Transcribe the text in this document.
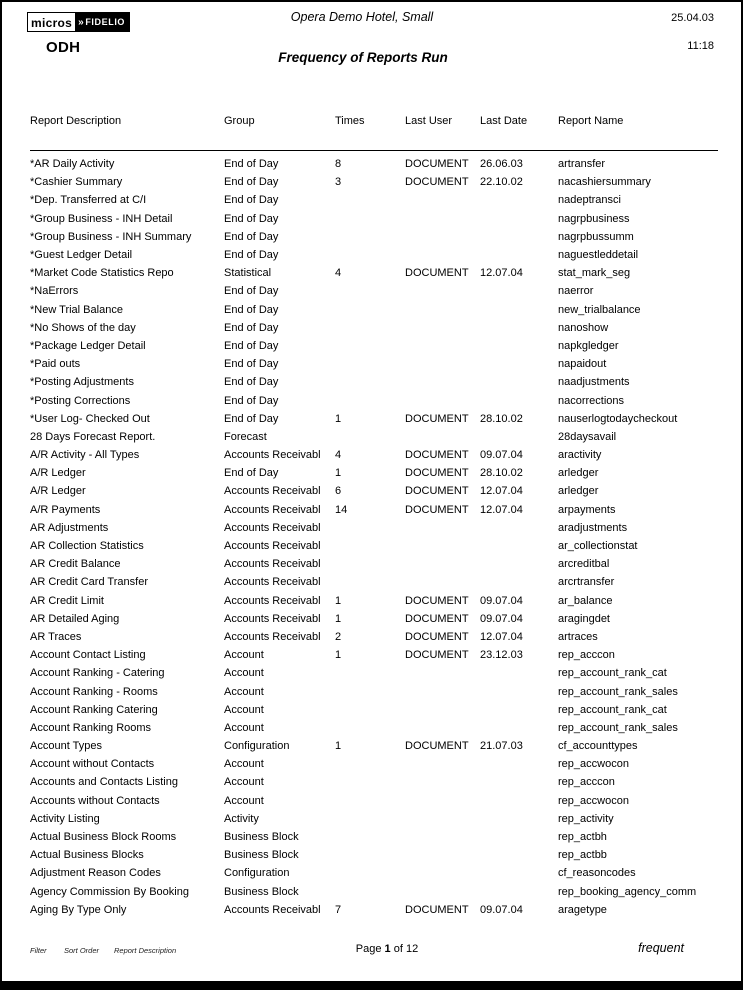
micros » FIDELIO
ODH
Opera Demo Hotel, Small
Frequency of Reports Run
25.04.03
11:18
Report Description	Group	Times	Last User	Last Date	Report Name
*AR Daily Activity	End of Day	8	DOCUMENT	26.06.03	artransfer
*Cashier Summary	End of Day	3	DOCUMENT	22.10.02	nacashiersummary
*Dep. Transferred at C/I	End of Day				nadeptransci
*Group Business - INH Detail	End of Day				nagrpbusiness
*Group Business - INH Summary	End of Day				nagrpbussumm
*Guest Ledger Detail	End of Day				naguestleddetail
*Market Code Statistics Repo	Statistical	4	DOCUMENT	12.07.04	stat_mark_seg
*NaErrors	End of Day				naerror
*New Trial Balance	End of Day				new_trialbalance
*No Shows of the day	End of Day				nanoshow
*Package Ledger Detail	End of Day				napkgledger
*Paid outs	End of Day				napaidout
*Posting Adjustments	End of Day				naadjustments
*Posting Corrections	End of Day				nacorrections
*User Log- Checked Out	End of Day	1	DOCUMENT	28.10.02	nauserlogtodaycheckout
28 Days Forecast Report.	Forecast				28daysavail
A/R Activity - All Types	Accounts Receivabl	4	DOCUMENT	09.07.04	aractivity
A/R Ledger	End of Day	1	DOCUMENT	28.10.02	arledger
A/R Ledger	Accounts Receivabl	6	DOCUMENT	12.07.04	arledger
A/R Payments	Accounts Receivabl	14	DOCUMENT	12.07.04	arpayments
AR Adjustments	Accounts Receivabl				aradjustments
AR Collection Statistics	Accounts Receivabl				ar_collectionstat
AR Credit Balance	Accounts Receivabl				arcreditbal
AR Credit Card Transfer	Accounts Receivabl				arcrtransfer
AR Credit Limit	Accounts Receivabl	1	DOCUMENT	09.07.04	ar_balance
AR Detailed Aging	Accounts Receivabl	1	DOCUMENT	09.07.04	aragingdet
AR Traces	Accounts Receivabl	2	DOCUMENT	12.07.04	artraces
Account Contact Listing	Account	1	DOCUMENT	23.12.03	rep_acccon
Account Ranking - Catering	Account				rep_account_rank_cat
Account Ranking - Rooms	Account				rep_account_rank_sales
Account Ranking Catering	Account				rep_account_rank_cat
Account Ranking Rooms	Account				rep_account_rank_sales
Account Types	Configuration	1	DOCUMENT	21.07.03	cf_accounttypes
Account without Contacts	Account				rep_accwocon
Accounts and Contacts Listing	Account				rep_acccon
Accounts without Contacts	Account				rep_accwocon
Activity Listing	Activity				rep_activity
Actual Business Block Rooms	Business Block				rep_actbh
Actual Business Blocks	Business Block				rep_actbb
Adjustment Reason Codes	Configuration				cf_reasoncodes
Agency Commission By Booking	Business Block				rep_booking_agency_comm
Aging By Type Only	Accounts Receivabl	7	DOCUMENT	09.07.04	aragetype
Filter Sort Order Report Description	Page 1 of 12	frequent
